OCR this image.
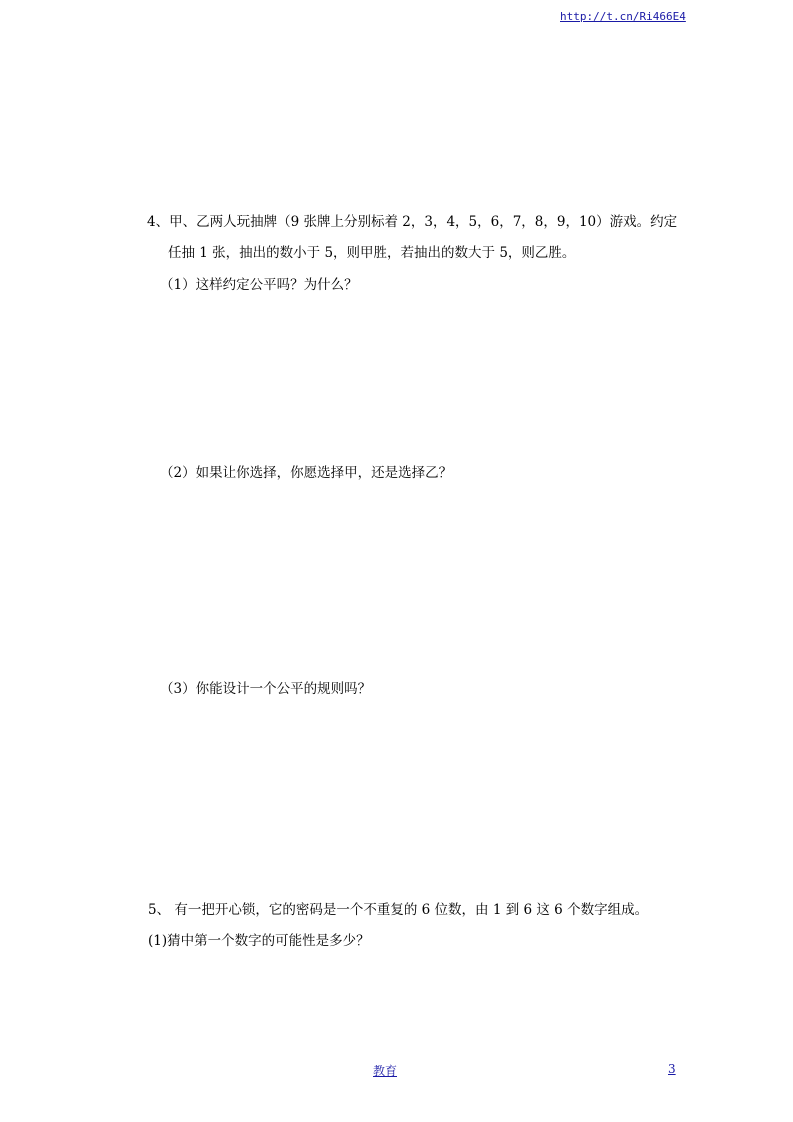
http://t.cn/Ri466E4
4、甲、乙两人玩抽牌（9 张牌上分别标着 2，3，4，5，6，7，8，9，10）游戏。约定
任抽 1 张，抽出的数小于 5，则甲胜，若抽出的数大于 5，则乙胜。
（1）这样约定公平吗？为什么？
（2）如果让你选择，你愿选择甲，还是选择乙？
（3）你能设计一个公平的规则吗？
5、 有一把开心锁，它的密码是一个不重复的 6 位数，由 1 到 6 这 6 个数字组成。
(1)猜中第一个数字的可能性是多少？
教育	3
